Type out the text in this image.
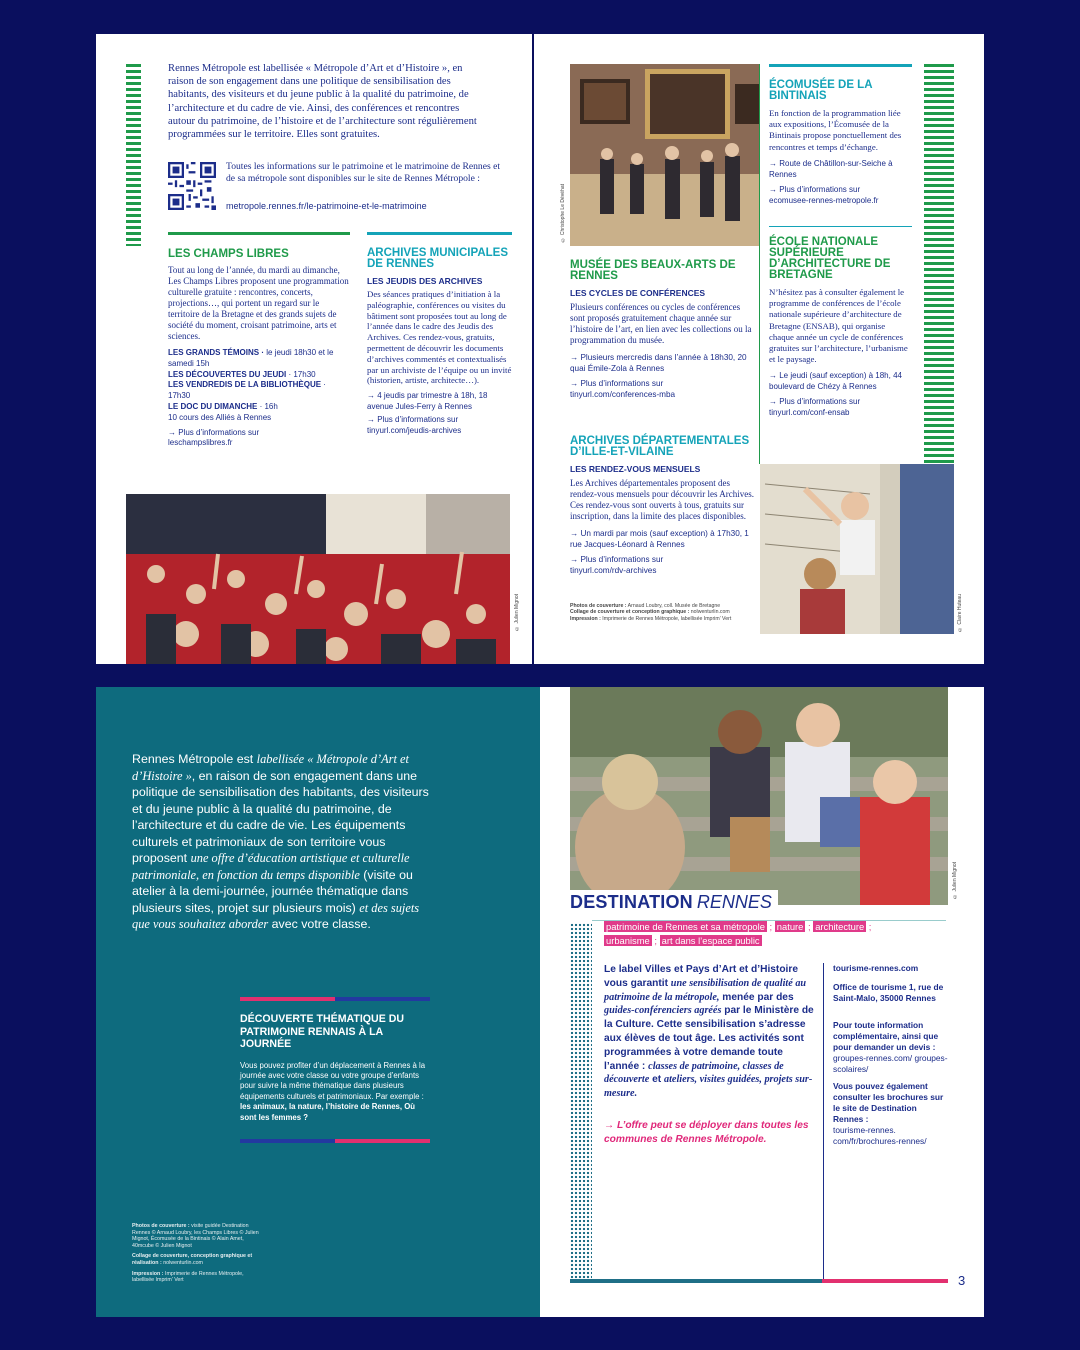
Rennes Métropole est labellisée « Métropole d’Art et d’Histoire », en raison de son engagement dans une politique de sensibilisation des habitants, des visiteurs et du jeune public à la qualité du patrimoine, de l’architecture et du cadre de vie. Ainsi, des conférences et rencontres autour du patrimoine, de l’histoire et de l’architecture sont régulièrement programmées sur le territoire. Elles sont gratuites.

Toutes les informations sur le patrimoine et le matrimoine de Rennes et de sa métropole sont disponibles sur le site de Rennes Métropole :

metropole.rennes.fr/le-patrimoine-et-le-matrimoine

LES CHAMPS LIBRES

Tout au long de l’année, du mardi au dimanche, Les Champs Libres proposent une programmation culturelle gratuite : rencontres, concerts, projections…, qui portent un regard sur le territoire de la Bretagne et des grands sujets de société du moment, croisant patrimoine, arts et sciences.

LES GRANDS TÉMOINS · le jeudi 18h30 et le samedi 15h
LES DÉCOUVERTES DU JEUDI · 17h30
LES VENDREDIS DE LA BIBLIOTHÈQUE · 17h30
LE DOC DU DIMANCHE · 16h
10 cours des Alliés à Rennes
→ Plus d’informations sur
leschampslibres.fr
ARCHIVES MUNICIPALES DE RENNES
LES JEUDIS DES ARCHIVES

Des séances pratiques d’initiation à la paléographie, conférences ou visites du bâtiment sont proposées tout au long de l’année dans le cadre des Jeudis des Archives. Ces rendez-vous, gratuits, permettent de découvrir les documents d’archives commentés et contextualisés par un archiviste de l’équipe ou un invité (historien, artiste, architecte…).

→ 4 jeudis par trimestre à 18h, 18 avenue Jules-Ferry à Rennes
→ Plus d’informations sur
tinyurl.com/jeudis-archives
© Julien Mignot
© Christophe Le Dévéhat
MUSÉE DES BEAUX-ARTS DE RENNES
LES CYCLES DE CONFÉRENCES

Plusieurs conférences ou cycles de conférences sont proposés gratuitement chaque année sur l’histoire de l’art, en lien avec les collections ou la programmation du musée.

→ Plusieurs mercredis dans l’année à 18h30, 20 quai Émile-Zola à Rennes
→ Plus d’informations sur
tinyurl.com/conferences-mba
ARCHIVES DÉPARTEMENTALES D’ILLE-ET-VILAINE
LES RENDEZ-VOUS MENSUELS

Les Archives départementales proposent des rendez-vous mensuels pour découvrir les Archives. Ces rendez-vous sont ouverts à tous, gratuits sur inscription, dans la limite des places disponibles.

→ Un mardi par mois (sauf exception) à 17h30, 1 rue Jacques-Léonard à Rennes
→ Plus d’informations sur
tinyurl.com/rdv-archives
Photos de couverture : Arnaud Loubry, coll. Musée de Bretagne
Collage de couverture et conception graphique : nolwenturlin.com
Impression : Imprimerie de Rennes Métropole, labellisée Imprim’ Vert
ÉCOMUSÉE DE LA BINTINAIS

En fonction de la programmation liée aux expositions, l’Écomusée de la Bintinais propose ponctuellement des rencontres et temps d’échange.

→ Route de Châtillon-sur-Seiche à Rennes
→ Plus d’informations sur
ecomusee-rennes-metropole.fr
ÉCOLE NATIONALE SUPÉRIEURE D’ARCHITECTURE DE BRETAGNE

N’hésitez pas à consulter également le programme de conférences de l’école nationale supérieure d’architecture de Bretagne (ENSAB), qui organise chaque année un cycle de conférences gratuites sur l’architecture, l’urbanisme et le paysage.

→ Le jeudi (sauf exception) à 18h, 44 boulevard de Chézy à Rennes
→ Plus d’informations sur
tinyurl.com/conf-ensab
© Claire Huteau

Rennes Métropole est labellisée « Métropole d’Art et d’Histoire », en raison de son engagement dans une politique de sensibilisation des habitants, des visiteurs et du jeune public à la qualité du patrimoine, de l’architecture et du cadre de vie. Les équipements culturels et patrimoniaux de son territoire vous proposent une offre d’éducation artistique et culturelle patrimoniale, en fonction du temps disponible (visite ou atelier à la demi-journée, journée thématique dans plusieurs sites, projet sur plusieurs mois) et des sujets que vous souhaitez aborder avec votre classe.

DÉCOUVERTE THÉMATIQUE DU PATRIMOINE RENNAIS À LA JOURNÉE

Vous pouvez profiter d’un déplacement à Rennes à la journée avec votre classe ou votre groupe d’enfants pour suivre la même thématique dans plusieurs équipements culturels et patrimoniaux. Par exemple :

les animaux, la nature, l’histoire de Rennes, Où sont les femmes ?

Photos de couverture : visite guidée Destination Rennes © Arnaud Loubry, les Champs Libres © Julien Mignot, Écomusée de la Bintinais © Alain Amet, 40mcube © Julien Mignot
Collage de couverture, conception graphique et réalisation : nolwenturlin.com
Impression : Imprimerie de Rennes Métropole, labellisée Imprim’ Vert
© Julien Mignot
DESTINATION RENNES
patrimoine de Rennes et sa métropole ; nature ; architecture ;
urbanisme ; art dans l’espace public

Le label Villes et Pays d’Art et d’Histoire vous garantit une sensibilisation de qualité au patrimoine de la métropole, menée par des guides-conférenciers agréés par le Ministère de la Culture. Cette sensibilisation s’adresse aux élèves de tout âge. Les activités sont programmées à votre demande toute l’année : classes de patrimoine, classes de découverte et ateliers, visites guidées, projets sur-mesure.

→ L’offre peut se déployer dans toutes les communes de Rennes Métropole.

tourisme-rennes.com
Office de tourisme 1, rue de Saint-Malo, 35000 Rennes
Pour toute information complémentaire, ainsi que pour demander un devis :
groupes-rennes.com/ groupes-scolaires/
Vous pouvez également consulter les brochures sur le site de Destination Rennes :
tourisme-rennes. com/fr/brochures-rennes/
3
